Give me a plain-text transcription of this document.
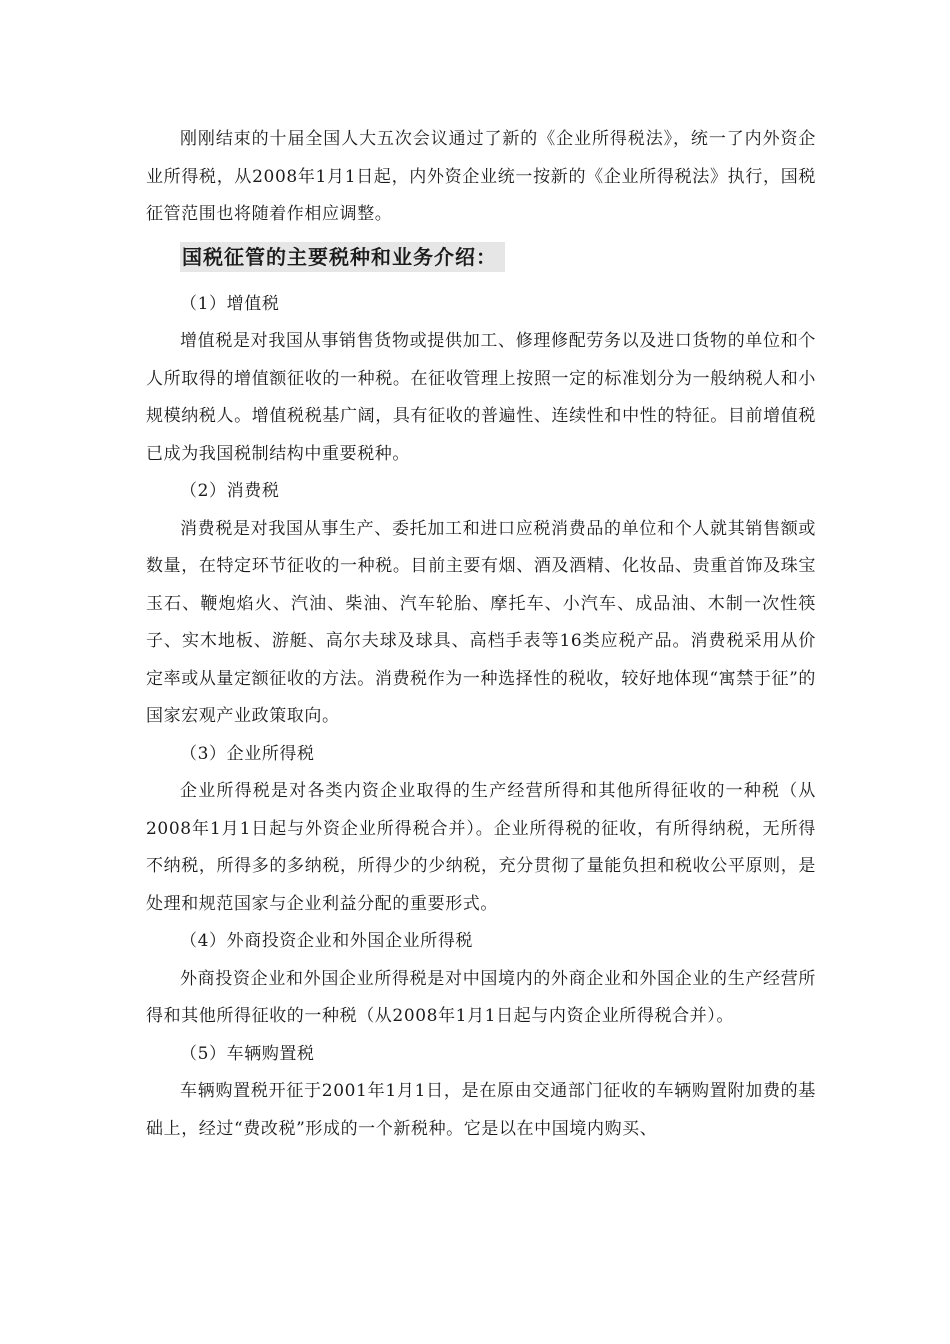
刚刚结束的十届全国人大五次会议通过了新的《企业所得税法》，统一了内外资企业所得税，从2008年1月1日起，内外资企业统一按新的《企业所得税法》执行，国税征管范围也将随着作相应调整。

国税征管的主要税种和业务介绍：

（1）增值税

增值税是对我国从事销售货物或提供加工、修理修配劳务以及进口货物的单位和个人所取得的增值额征收的一种税。在征收管理上按照一定的标准划分为一般纳税人和小规模纳税人。增值税税基广阔，具有征收的普遍性、连续性和中性的特征。目前增值税已成为我国税制结构中重要税种。

（2）消费税

消费税是对我国从事生产、委托加工和进口应税消费品的单位和个人就其销售额或数量，在特定环节征收的一种税。目前主要有烟、酒及酒精、化妆品、贵重首饰及珠宝玉石、鞭炮焰火、汽油、柴油、汽车轮胎、摩托车、小汽车、成品油、木制一次性筷子、实木地板、游艇、高尔夫球及球具、高档手表等16类应税产品。消费税采用从价定率或从量定额征收的方法。消费税作为一种选择性的税收，较好地体现“寓禁于征”的国家宏观产业政策取向。

（3）企业所得税

企业所得税是对各类内资企业取得的生产经营所得和其他所得征收的一种税（从2008年1月1日起与外资企业所得税合并）。企业所得税的征收，有所得纳税，无所得不纳税，所得多的多纳税，所得少的少纳税，充分贯彻了量能负担和税收公平原则，是处理和规范国家与企业利益分配的重要形式。

（4）外商投资企业和外国企业所得税

外商投资企业和外国企业所得税是对中国境内的外商企业和外国企业的生产经营所得和其他所得征收的一种税（从2008年1月1日起与内资企业所得税合并）。

（5）车辆购置税

车辆购置税开征于2001年1月1日，是在原由交通部门征收的车辆购置附加费的基础上，经过“费改税”形成的一个新税种。它是以在中国境内购买、
